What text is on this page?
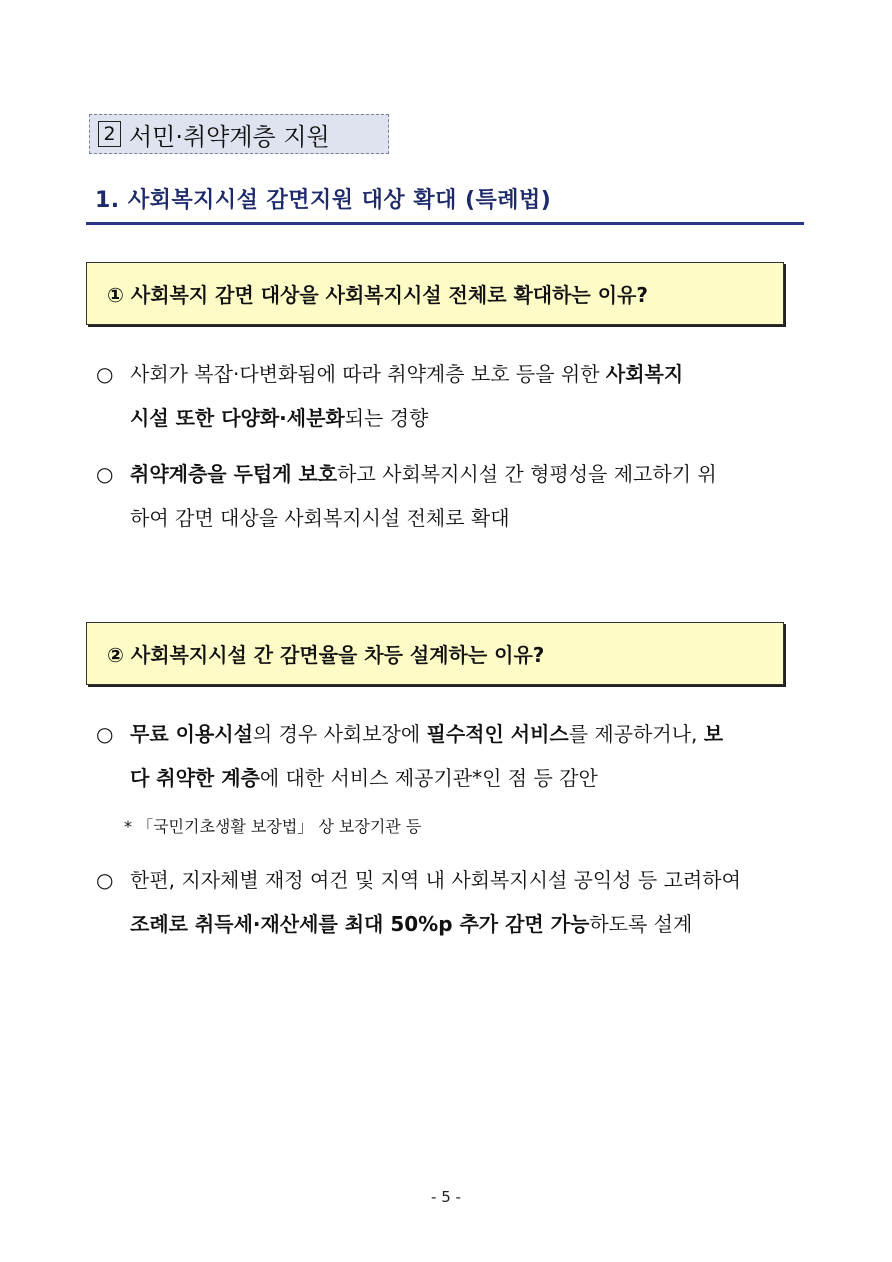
2 서민·취약계층 지원
1. 사회복지시설 감면지원 대상 확대 (특례법)
① 사회복지 감면 대상을 사회복지시설 전체로 확대하는 이유?
○ 사회가 복잡·다변화됨에 따라 취약계층 보호 등을 위한 사회복지
시설 또한 다양화·세분화되는 경향
○ 취약계층을 두텁게 보호하고 사회복지시설 간 형평성을 제고하기 위
하여 감면 대상을 사회복지시설 전체로 확대
② 사회복지시설 간 감면율을 차등 설계하는 이유?
○ 무료 이용시설의 경우 사회보장에 필수적인 서비스를 제공하거나, 보
다 취약한 계층에 대한 서비스 제공기관*인 점 등 감안
* 「국민기초생활 보장법」 상 보장기관 등
○ 한편, 지자체별 재정 여건 및 지역 내 사회복지시설 공익성 등 고려하여
조례로 취득세·재산세를 최대 50%p 추가 감면 가능하도록 설계
- 5 -
